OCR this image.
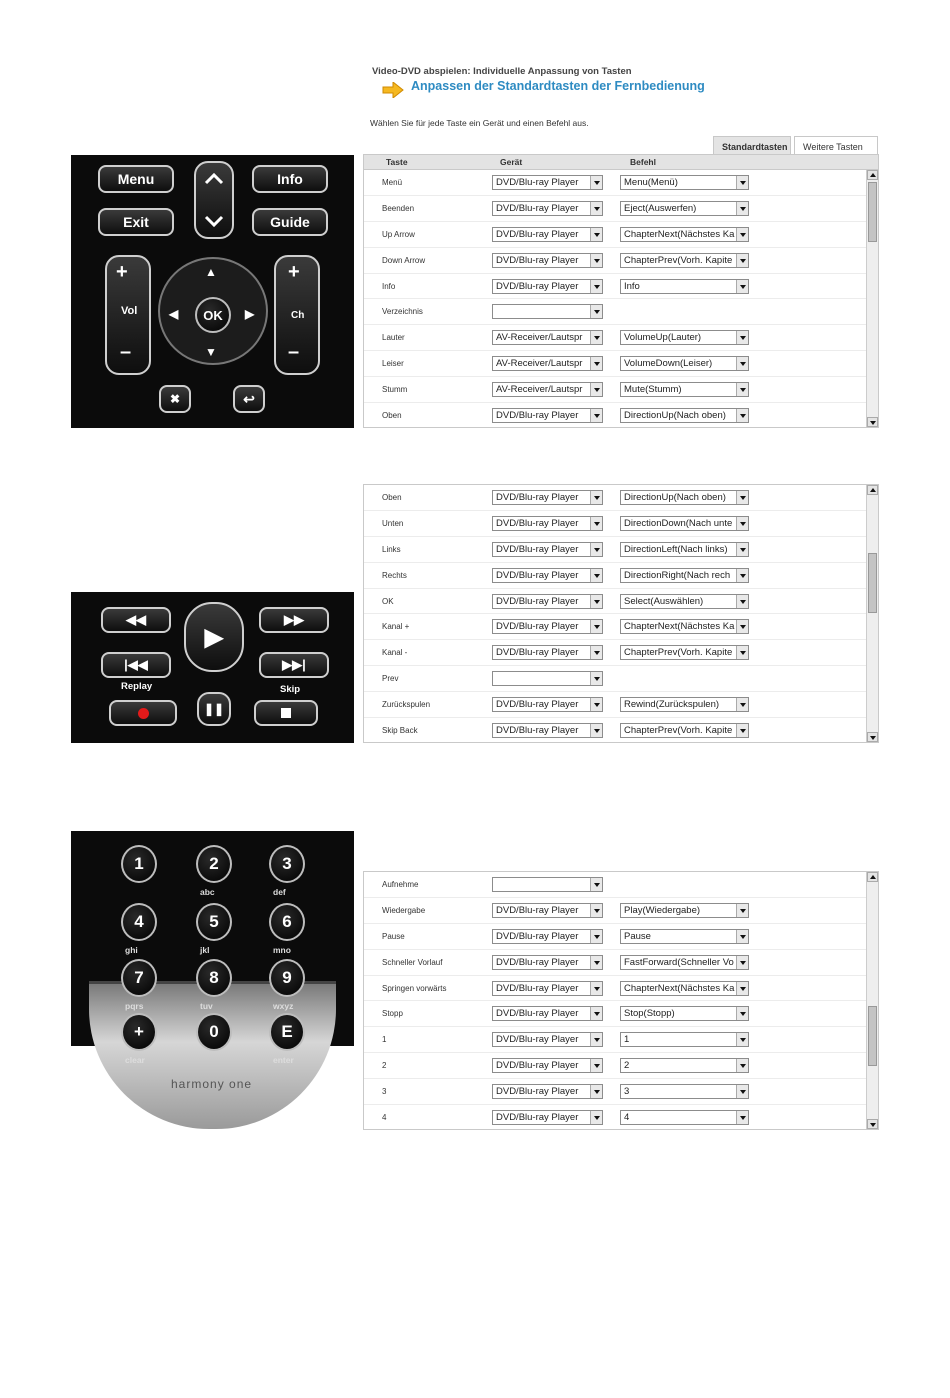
Video-DVD abspielen: Individuelle Anpassung von Tasten
Anpassen der Standardtasten der Fernbedienung
Wählen Sie für jede Taste ein Gerät und einen Befehl aus.
Standardtasten	Weitere Tasten
Taste	Gerät	Befehl
Menü	DVD/Blu-ray Player	Menu(Menü)
Beenden	DVD/Blu-ray Player	Eject(Auswerfen)
Up Arrow	DVD/Blu-ray Player	ChapterNext(Nächstes Ka
Down Arrow	DVD/Blu-ray Player	ChapterPrev(Vorh. Kapite
Info	DVD/Blu-ray Player	Info
Verzeichnis
Lauter	AV-Receiver/Lautspr	VolumeUp(Lauter)
Leiser	AV-Receiver/Lautspr	VolumeDown(Leiser)
Stumm	AV-Receiver/Lautspr	Mute(Stumm)
Oben	DVD/Blu-ray Player	DirectionUp(Nach oben)
Oben	DVD/Blu-ray Player	DirectionUp(Nach oben)
Unten	DVD/Blu-ray Player	DirectionDown(Nach unte
Links	DVD/Blu-ray Player	DirectionLeft(Nach links)
Rechts	DVD/Blu-ray Player	DirectionRight(Nach rech
OK	DVD/Blu-ray Player	Select(Auswählen)
Kanal +	DVD/Blu-ray Player	ChapterNext(Nächstes Ka
Kanal -	DVD/Blu-ray Player	ChapterPrev(Vorh. Kapite
Prev
Zurückspulen	DVD/Blu-ray Player	Rewind(Zurückspulen)
Skip Back	DVD/Blu-ray Player	ChapterPrev(Vorh. Kapite
Aufnehme
Wiedergabe	DVD/Blu-ray Player	Play(Wiedergabe)
Pause	DVD/Blu-ray Player	Pause
Schneller Vorlauf	DVD/Blu-ray Player	FastForward(Schneller Vo
Springen vorwärts	DVD/Blu-ray Player	ChapterNext(Nächstes Ka
Stopp	DVD/Blu-ray Player	Stop(Stopp)
1	DVD/Blu-ray Player	1
2	DVD/Blu-ray Player	2
3	DVD/Blu-ray Player	3
4	DVD/Blu-ray Player	4
Menu	Info
Exit	Guide
+
Vol
–
+
Ch
–
▲
▼
◀	▶
OK
✖	↩
◀◀	▶▶
▶
|◀◀
Replay
▶▶|
Skip
❚❚
1	2
abc
3
def
4
ghi
5
jkl
6
mno
7
pqrs
8
tuv
9
wxyz
+
clear
0	E
enter
harmony one
